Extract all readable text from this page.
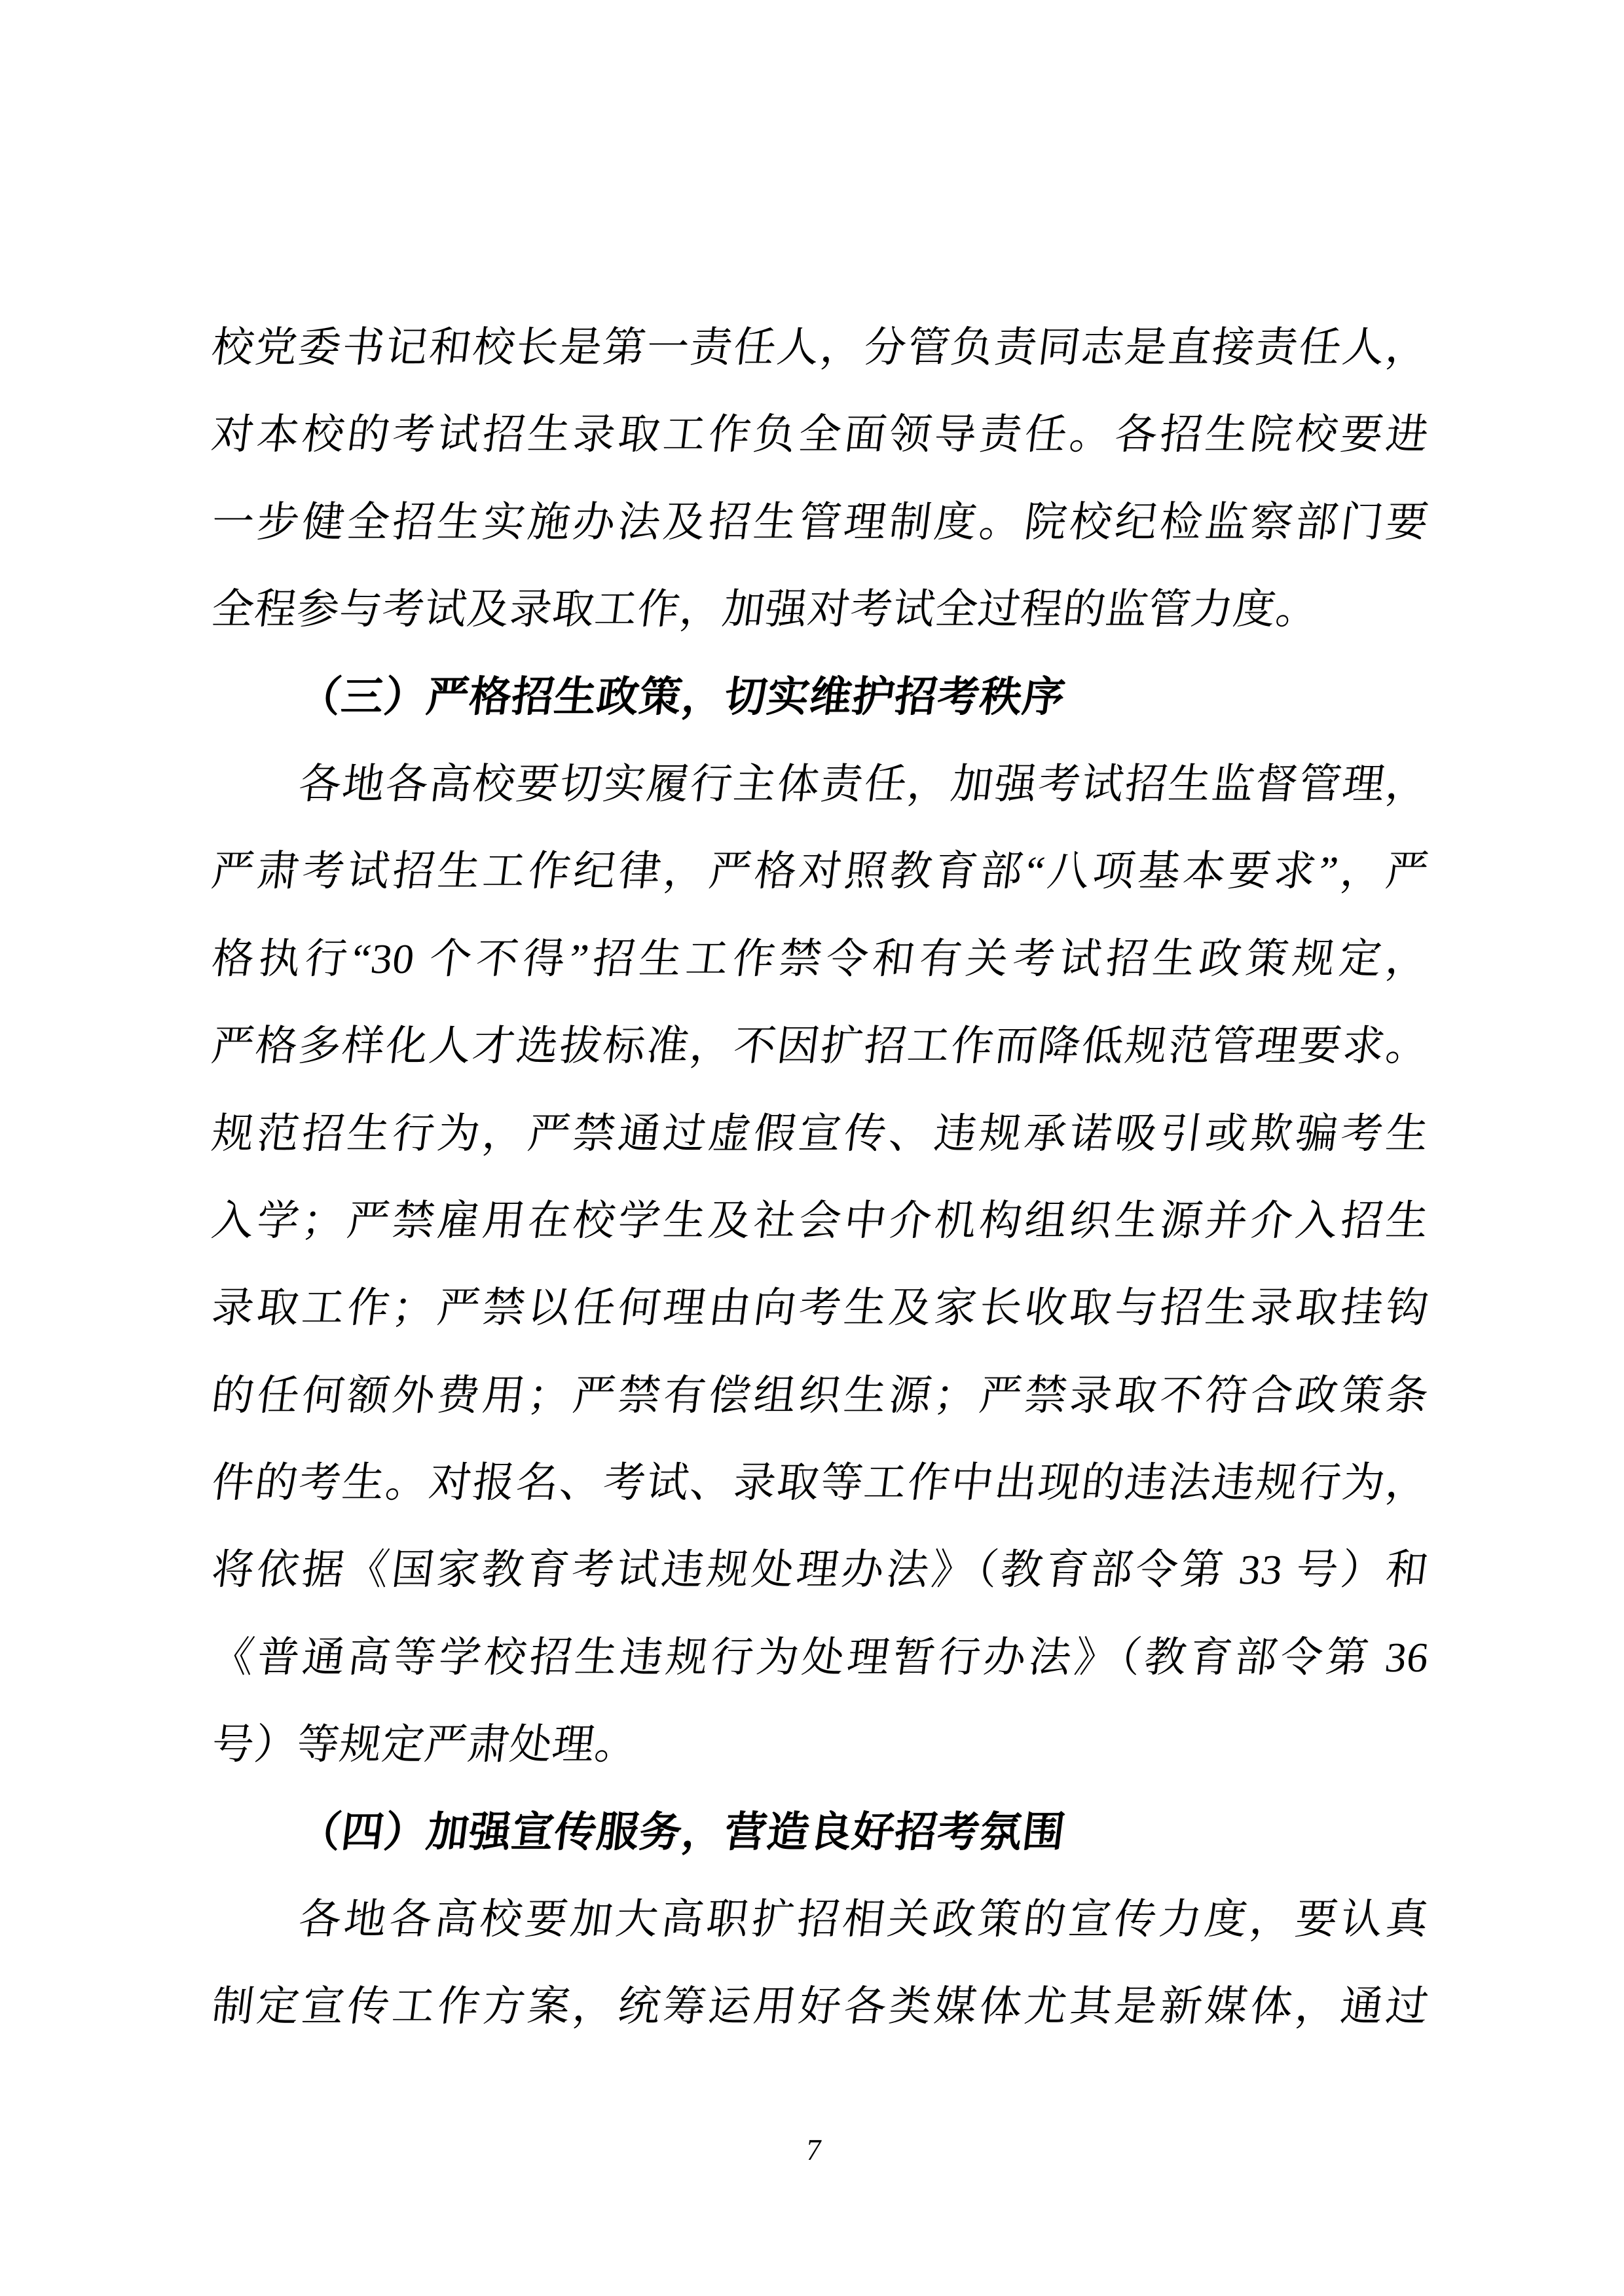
校党委书记和校长是第一责任人，分管负责同志是直接责任人，
对本校的考试招生录取工作负全面领导责任。各招生院校要进
一步健全招生实施办法及招生管理制度。院校纪检监察部门要
全程参与考试及录取工作，加强对考试全过程的监管力度。
（三）严格招生政策，切实维护招考秩序
各地各高校要切实履行主体责任，加强考试招生监督管理，
严肃考试招生工作纪律，严格对照教育部“八项基本要求”，严
格执行“30 个不得”招生工作禁令和有关考试招生政策规定，
严格多样化人才选拔标准，不因扩招工作而降低规范管理要求。
规范招生行为，严禁通过虚假宣传、违规承诺吸引或欺骗考生
入学；严禁雇用在校学生及社会中介机构组织生源并介入招生
录取工作；严禁以任何理由向考生及家长收取与招生录取挂钩
的任何额外费用；严禁有偿组织生源；严禁录取不符合政策条
件的考生。对报名、考试、录取等工作中出现的违法违规行为，
将依据《国家教育考试违规处理办法》（教育部令第 33 号）和
《普通高等学校招生违规行为处理暂行办法》（教育部令第 36
号）等规定严肃处理。
（四）加强宣传服务，营造良好招考氛围
各地各高校要加大高职扩招相关政策的宣传力度，要认真
制定宣传工作方案，统筹运用好各类媒体尤其是新媒体，通过
7
